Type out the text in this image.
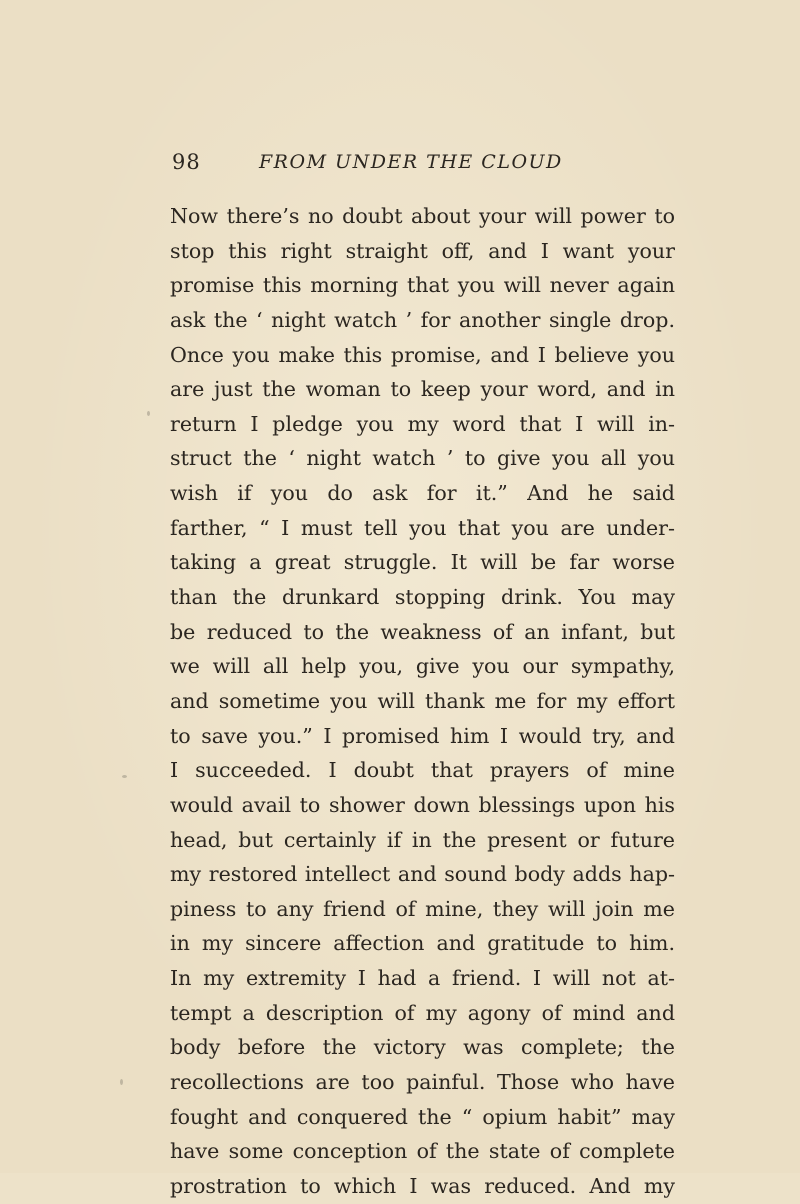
98	FROM UNDER THE CLOUD
Now there’s no doubt about your will power to
stop this right straight off, and I want your
promise this morning that you will never again
ask the ‘ night watch ’ for another single drop.
Once you make this promise, and I believe you
are just the woman to keep your word, and in
return I pledge you my word that I will in-
struct the ‘ night watch ’ to give you all you
wish if you do ask for it.” And he said
farther, “ I must tell you that you are under-
taking a great struggle. It will be far worse
than the drunkard stopping drink. You may
be reduced to the weakness of an infant, but
we will all help you, give you our sympathy,
and sometime you will thank me for my effort
to save you.” I promised him I would try, and
I succeeded. I doubt that prayers of mine
would avail to shower down blessings upon his
head, but certainly if in the present or future
my restored intellect and sound body adds hap-
piness to any friend of mine, they will join me
in my sincere affection and gratitude to him.
In my extremity I had a friend. I will not at-
tempt a description of my agony of mind and
body before the victory was complete; the
recollections are too painful. Those who have
fought and conquered the “ opium habit” may
have some conception of the state of complete
prostration to which I was reduced. And my
